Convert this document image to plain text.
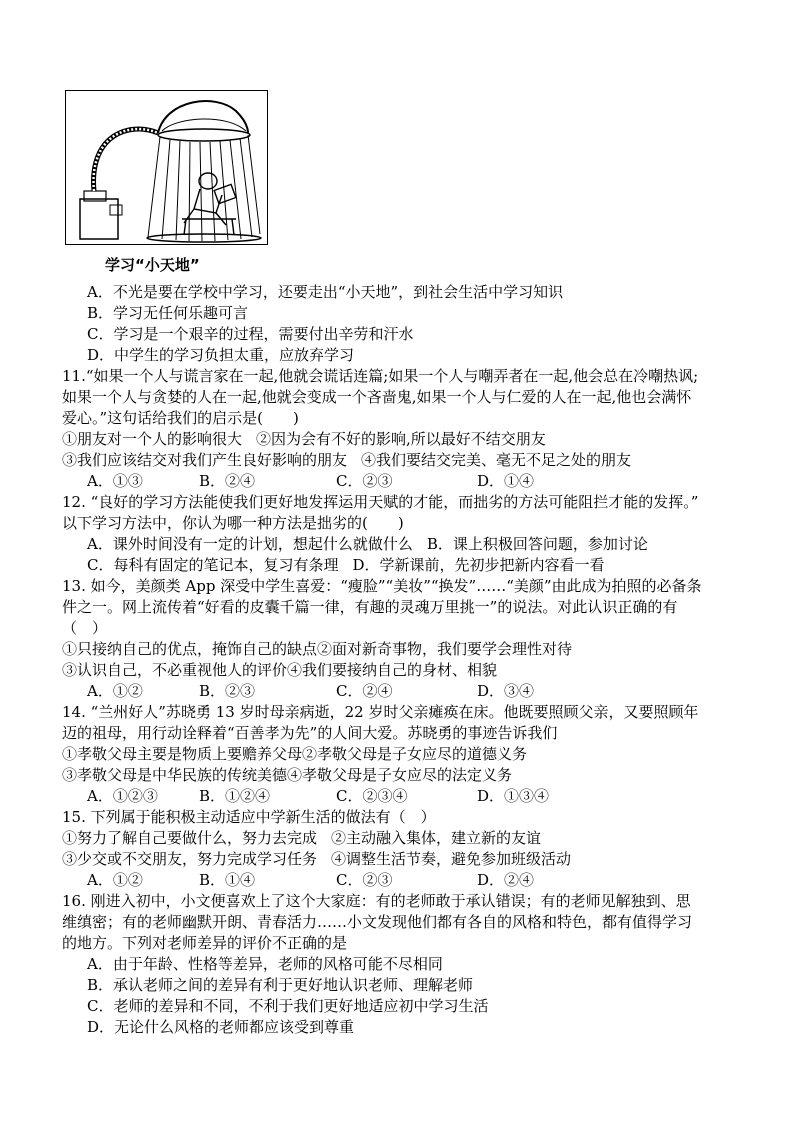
学习“小天地”
A．不光是要在学校中学习，还要走出“小天地”，到社会生活中学习知识
B．学习无任何乐趣可言
C．学习是一个艰辛的过程，需要付出辛劳和汗水
D．中学生的学习负担太重，应放弃学习
11.“如果一个人与谎言家在一起,他就会谎话连篇;如果一个人与嘲弄者在一起,他会总在冷嘲热讽;
如果一个人与贪婪的人在一起,他就会变成一个吝啬鬼,如果一个人与仁爱的人在一起,他也会满怀
爱心。”这句话给我们的启示是(　　)
①朋友对一个人的影响很大 ②因为会有不好的影响,所以最好不结交朋友
③我们应该结交对我们产生良好影响的朋友 ④我们要结交完美、毫无不足之处的朋友
A．①③	B．②④	C．②③	D．①④
12. “良好的学习方法能使我们更好地发挥运用天赋的才能，而拙劣的方法可能阻拦才能的发挥。”
以下学习方法中，你认为哪一种方法是拙劣的(　　)
A．课外时间没有一定的计划，想起什么就做什么 B．课上积极回答问题，参加讨论
C．每科有固定的笔记本，复习有条理 D．学新课前，先初步把新内容看一看
13. 如今，美颜类 App 深受中学生喜爱：“瘦脸”“美妆”“换发”……“美颜”由此成为拍照的必备条
件之一。网上流传着“好看的皮囊千篇一律，有趣的灵魂万里挑一”的说法。对此认识正确的有
（　）
①只接纳自己的优点，掩饰自己的缺点②面对新奇事物，我们要学会理性对待
③认识自己，不必重视他人的评价④我们要接纳自己的身材、相貌
A．①②	B．②③	C．②④	D．③④
14. “兰州好人”苏晓勇 13 岁时母亲病逝，22 岁时父亲瘫痪在床。他既要照顾父亲，又要照顾年
迈的祖母，用行动诠释着“百善孝为先”的人间大爱。苏晓勇的事迹告诉我们
①孝敬父母主要是物质上要赡养父母②孝敬父母是子女应尽的道德义务
③孝敬父母是中华民族的传统美德④孝敬父母是子女应尽的法定义务
A．①②③	B．①②④	C．②③④	D．①③④
15. 下列属于能积极主动适应中学新生活的做法有（　）
①努力了解自己要做什么，努力去完成 ②主动融入集体，建立新的友谊
③少交或不交朋友，努力完成学习任务 ④调整生活节奏，避免参加班级活动
A．①②	B．①④	C．②③	D．②④
16. 刚进入初中，小文便喜欢上了这个大家庭：有的老师敢于承认错误；有的老师见解独到、思
维缜密；有的老师幽默开朗、青春活力……小文发现他们都有各自的风格和特色，都有值得学习
的地方。下列对老师差异的评价不正确的是
A．由于年龄、性格等差异，老师的风格可能不尽相同
B．承认老师之间的差异有利于更好地认识老师、理解老师
C．老师的差异和不同，不利于我们更好地适应初中学习生活
D．无论什么风格的老师都应该受到尊重
